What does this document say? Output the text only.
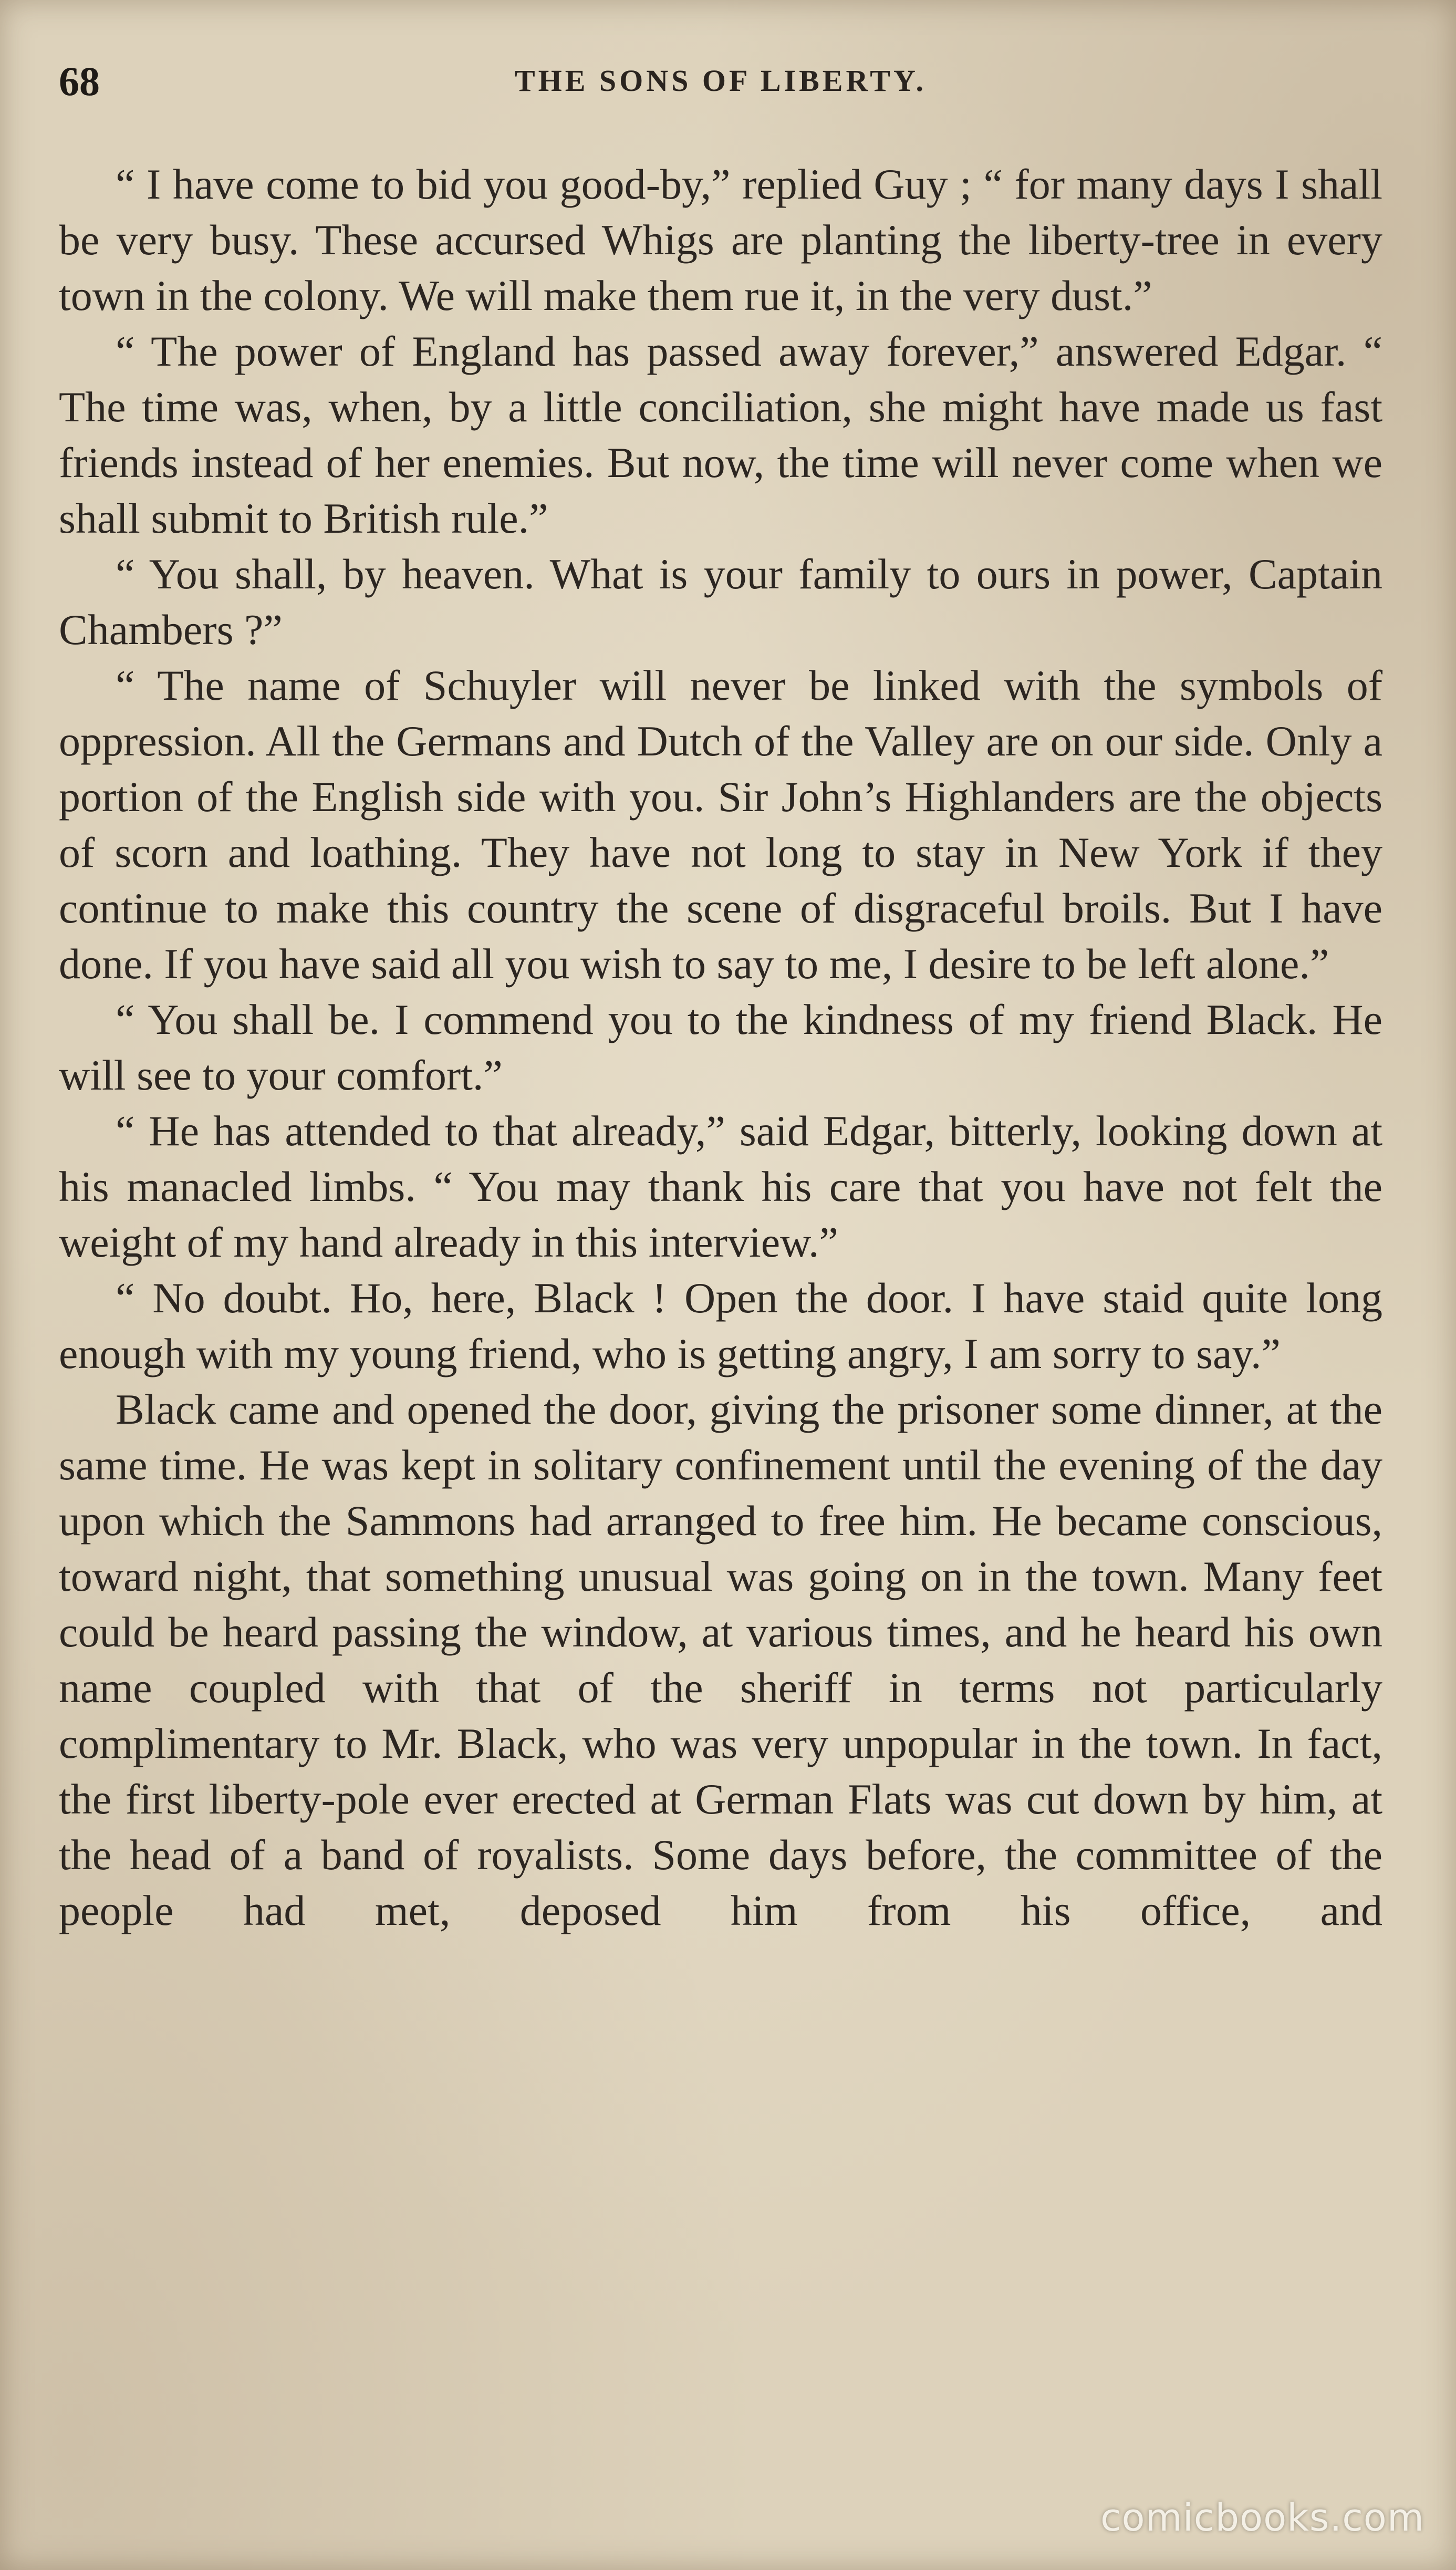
68	THE SONS OF LIBERTY.

“ I have come to bid you good-by,” replied Guy ; “ for many days I shall be very busy. These accursed Whigs are planting the liberty-tree in every town in the colony. We will make them rue it, in the very dust.”

“ The power of England has passed away forever,” answered Edgar. “ The time was, when, by a little conciliation, she might have made us fast friends instead of her enemies. But now, the time will never come when we shall submit to British rule.”

“ You shall, by heaven. What is your family to ours in power, Captain Chambers ?”

“ The name of Schuyler will never be linked with the symbols of oppression. All the Germans and Dutch of the Valley are on our side. Only a portion of the English side with you. Sir John’s Highlanders are the objects of scorn and loathing. They have not long to stay in New York if they continue to make this country the scene of disgraceful broils. But I have done. If you have said all you wish to say to me, I desire to be left alone.”

“ You shall be. I commend you to the kindness of my friend Black. He will see to your comfort.”

“ He has attended to that already,” said Edgar, bitterly, looking down at his manacled limbs. “ You may thank his care that you have not felt the weight of my hand already in this interview.”

“ No doubt. Ho, here, Black ! Open the door. I have staid quite long enough with my young friend, who is getting angry, I am sorry to say.”

Black came and opened the door, giving the prisoner some dinner, at the same time. He was kept in solitary confinement until the evening of the day upon which the Sammons had arranged to free him. He became conscious, toward night, that something unusual was going on in the town. Many feet could be heard passing the window, at various times, and he heard his own name coupled with that of the sheriff in terms not particularly complimentary to Mr. Black, who was very unpopular in the town. In fact, the first liberty-pole ever erected at German Flats was cut down by him, at the head of a band of royalists. Some days before, the committee of the people had met, deposed him from his office, and

comicbooks.com
